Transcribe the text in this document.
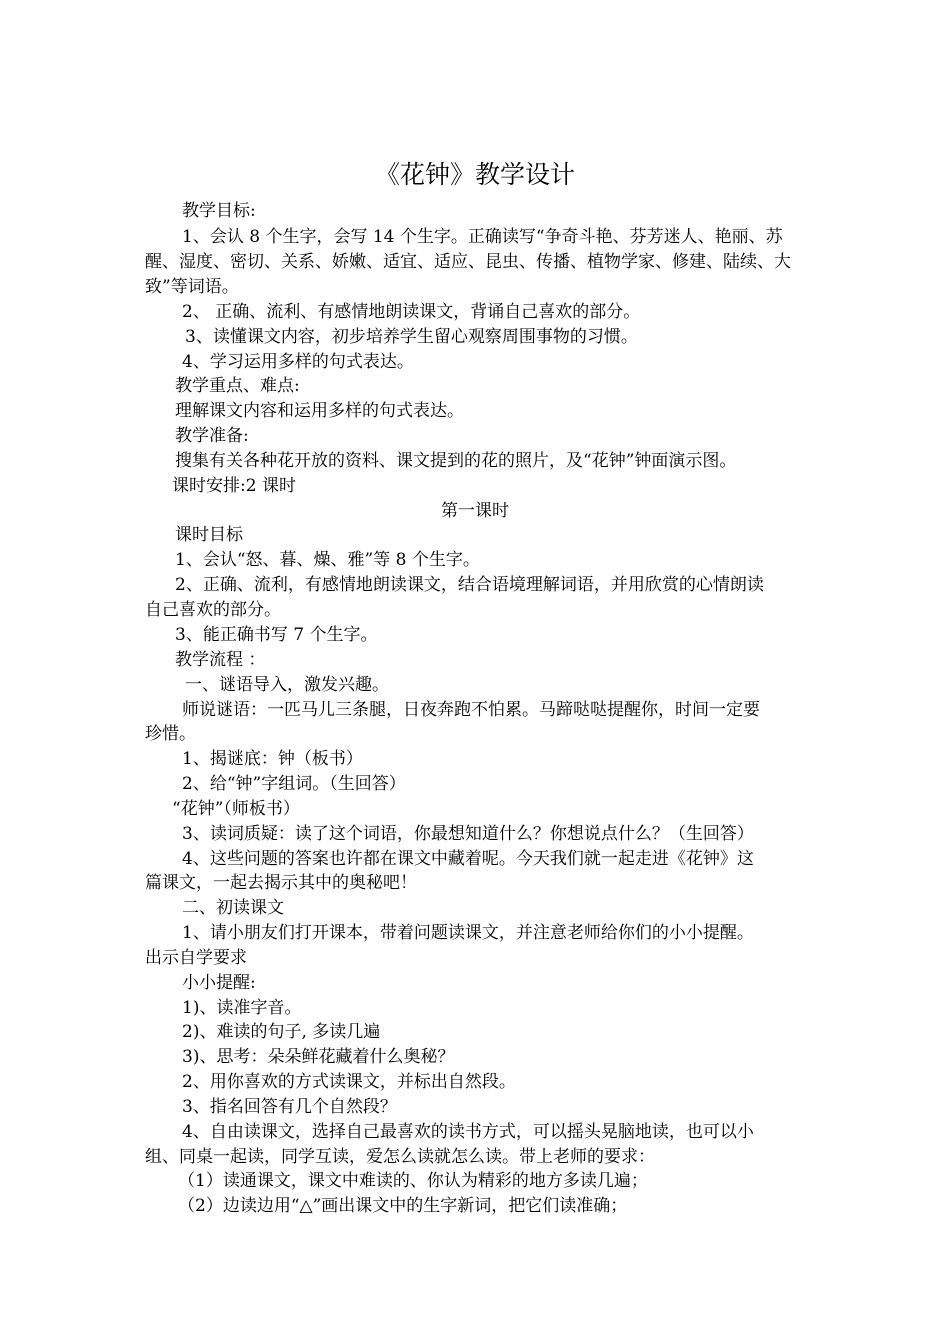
《花钟》教学设计
教学目标:
1、会认 8 个生字，会写 14 个生字。正确读写“争奇斗艳、芬芳迷人、艳丽、苏
醒、湿度、密切、关系、娇嫩、适宜、适应、昆虫、传播、植物学家、修建、陆续、大
致”等词语。
2、 正确、流利、有感情地朗读课文，背诵自己喜欢的部分。
3、读懂课文内容，初步培养学生留心观察周围事物的习惯。
4、学习运用多样的句式表达。
教学重点、难点:
理解课文内容和运用多样的句式表达。
教学准备:
搜集有关各种花开放的资料、课文提到的花的照片，及“花钟”钟面演示图。
课时安排:2 课时
第一课时
课时目标
1、会认“怒、暮、燥、雅”等 8 个生字。
2、正确、流利，有感情地朗读课文，结合语境理解词语，并用欣赏的心情朗读
自己喜欢的部分。
3、能正确书写 7 个生字。
教学流程 ：
一、谜语导入，激发兴趣。
师说谜语：一匹马儿三条腿，日夜奔跑不怕累。马蹄哒哒提醒你，时间一定要
珍惜。
1、揭谜底：钟（板书）
2、给“钟”字组词。（生回答）
“花钟”（师板书）
3、读词质疑：读了这个词语，你最想知道什么？你想说点什么？（生回答）
4、这些问题的答案也许都在课文中藏着呢。今天我们就一起走进《花钟》这
篇课文，一起去揭示其中的奥秘吧！
二、初读课文
1、请小朋友们打开课本，带着问题读课文，并注意老师给你们的小小提醒。
出示自学要求
小小提醒:
1)、读准字音。
2)、难读的句子, 多读几遍
3)、思考：朵朵鲜花藏着什么奥秘？
2、用你喜欢的方式读课文，并标出自然段。
3、指名回答有几个自然段？
4、自由读课文，选择自己最喜欢的读书方式，可以摇头晃脑地读，也可以小
组、同桌一起读，同学互读，爱怎么读就怎么读。带上老师的要求：
（1）读通课文，课文中难读的、你认为精彩的地方多读几遍；
（2）边读边用“△”画出课文中的生字新词，把它们读准确；
